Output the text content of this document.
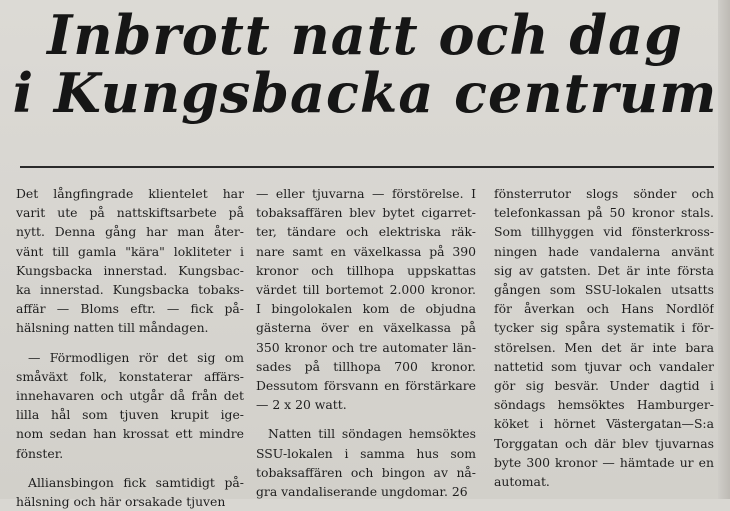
Inbrott natt och dag
i Kungsbacka centrum
Det långfingrade klientelet har
varit ute på nattskiftsarbete på
nytt. Denna gång har man åter-
vänt till gamla "kära" lokliteter i
Kungsbacka innerstad. Kungsbac-
ka innerstad. Kungsbacka tobaks-
affär — Bloms eftr. — fick på-
hälsning natten till måndagen.
— Förmodligen rör det sig om
småväxt folk, konstaterar affärs-
innehavaren och utgår då från det
lilla hål som tjuven krupit ige-
nom sedan han krossat ett mindre
fönster.
Alliansbingon fick samtidigt på-
hälsning och här orsakade tjuven
— eller tjuvarna — förstörelse. I
tobaksaffären blev bytet cigarret-
ter, tändare och elektriska räk-
nare samt en växelkassa på 390
kronor och tillhopa uppskattas
värdet till bortemot 2.000 kronor.
I bingolokalen kom de objudna
gästerna över en växelkassa på
350 kronor och tre automater län-
sades på tillhopa 700 kronor.
Dessutom försvann en förstärkare
— 2 x 20 watt.
Natten till söndagen hemsöktes
SSU-lokalen i samma hus som
tobaksaffären och bingon av nå-
gra vandaliserande ungdomar. 26
fönsterrutor slogs sönder och
telefonkassan på 50 kronor stals.
Som tillhyggen vid fönsterkross-
ningen hade vandalerna använt
sig av gatsten. Det är inte första
gången som SSU-lokalen utsatts
för åverkan och Hans Nordlöf
tycker sig spåra systematik i för-
störelsen. Men det är inte bara
nattetid som tjuvar och vandaler
gör sig besvär. Under dagtid i
söndags hemsöktes Hamburger-
köket i hörnet Västergatan—S:a
Torggatan och där blev tjuvarnas
byte 300 kronor — hämtade ur en
automat.
